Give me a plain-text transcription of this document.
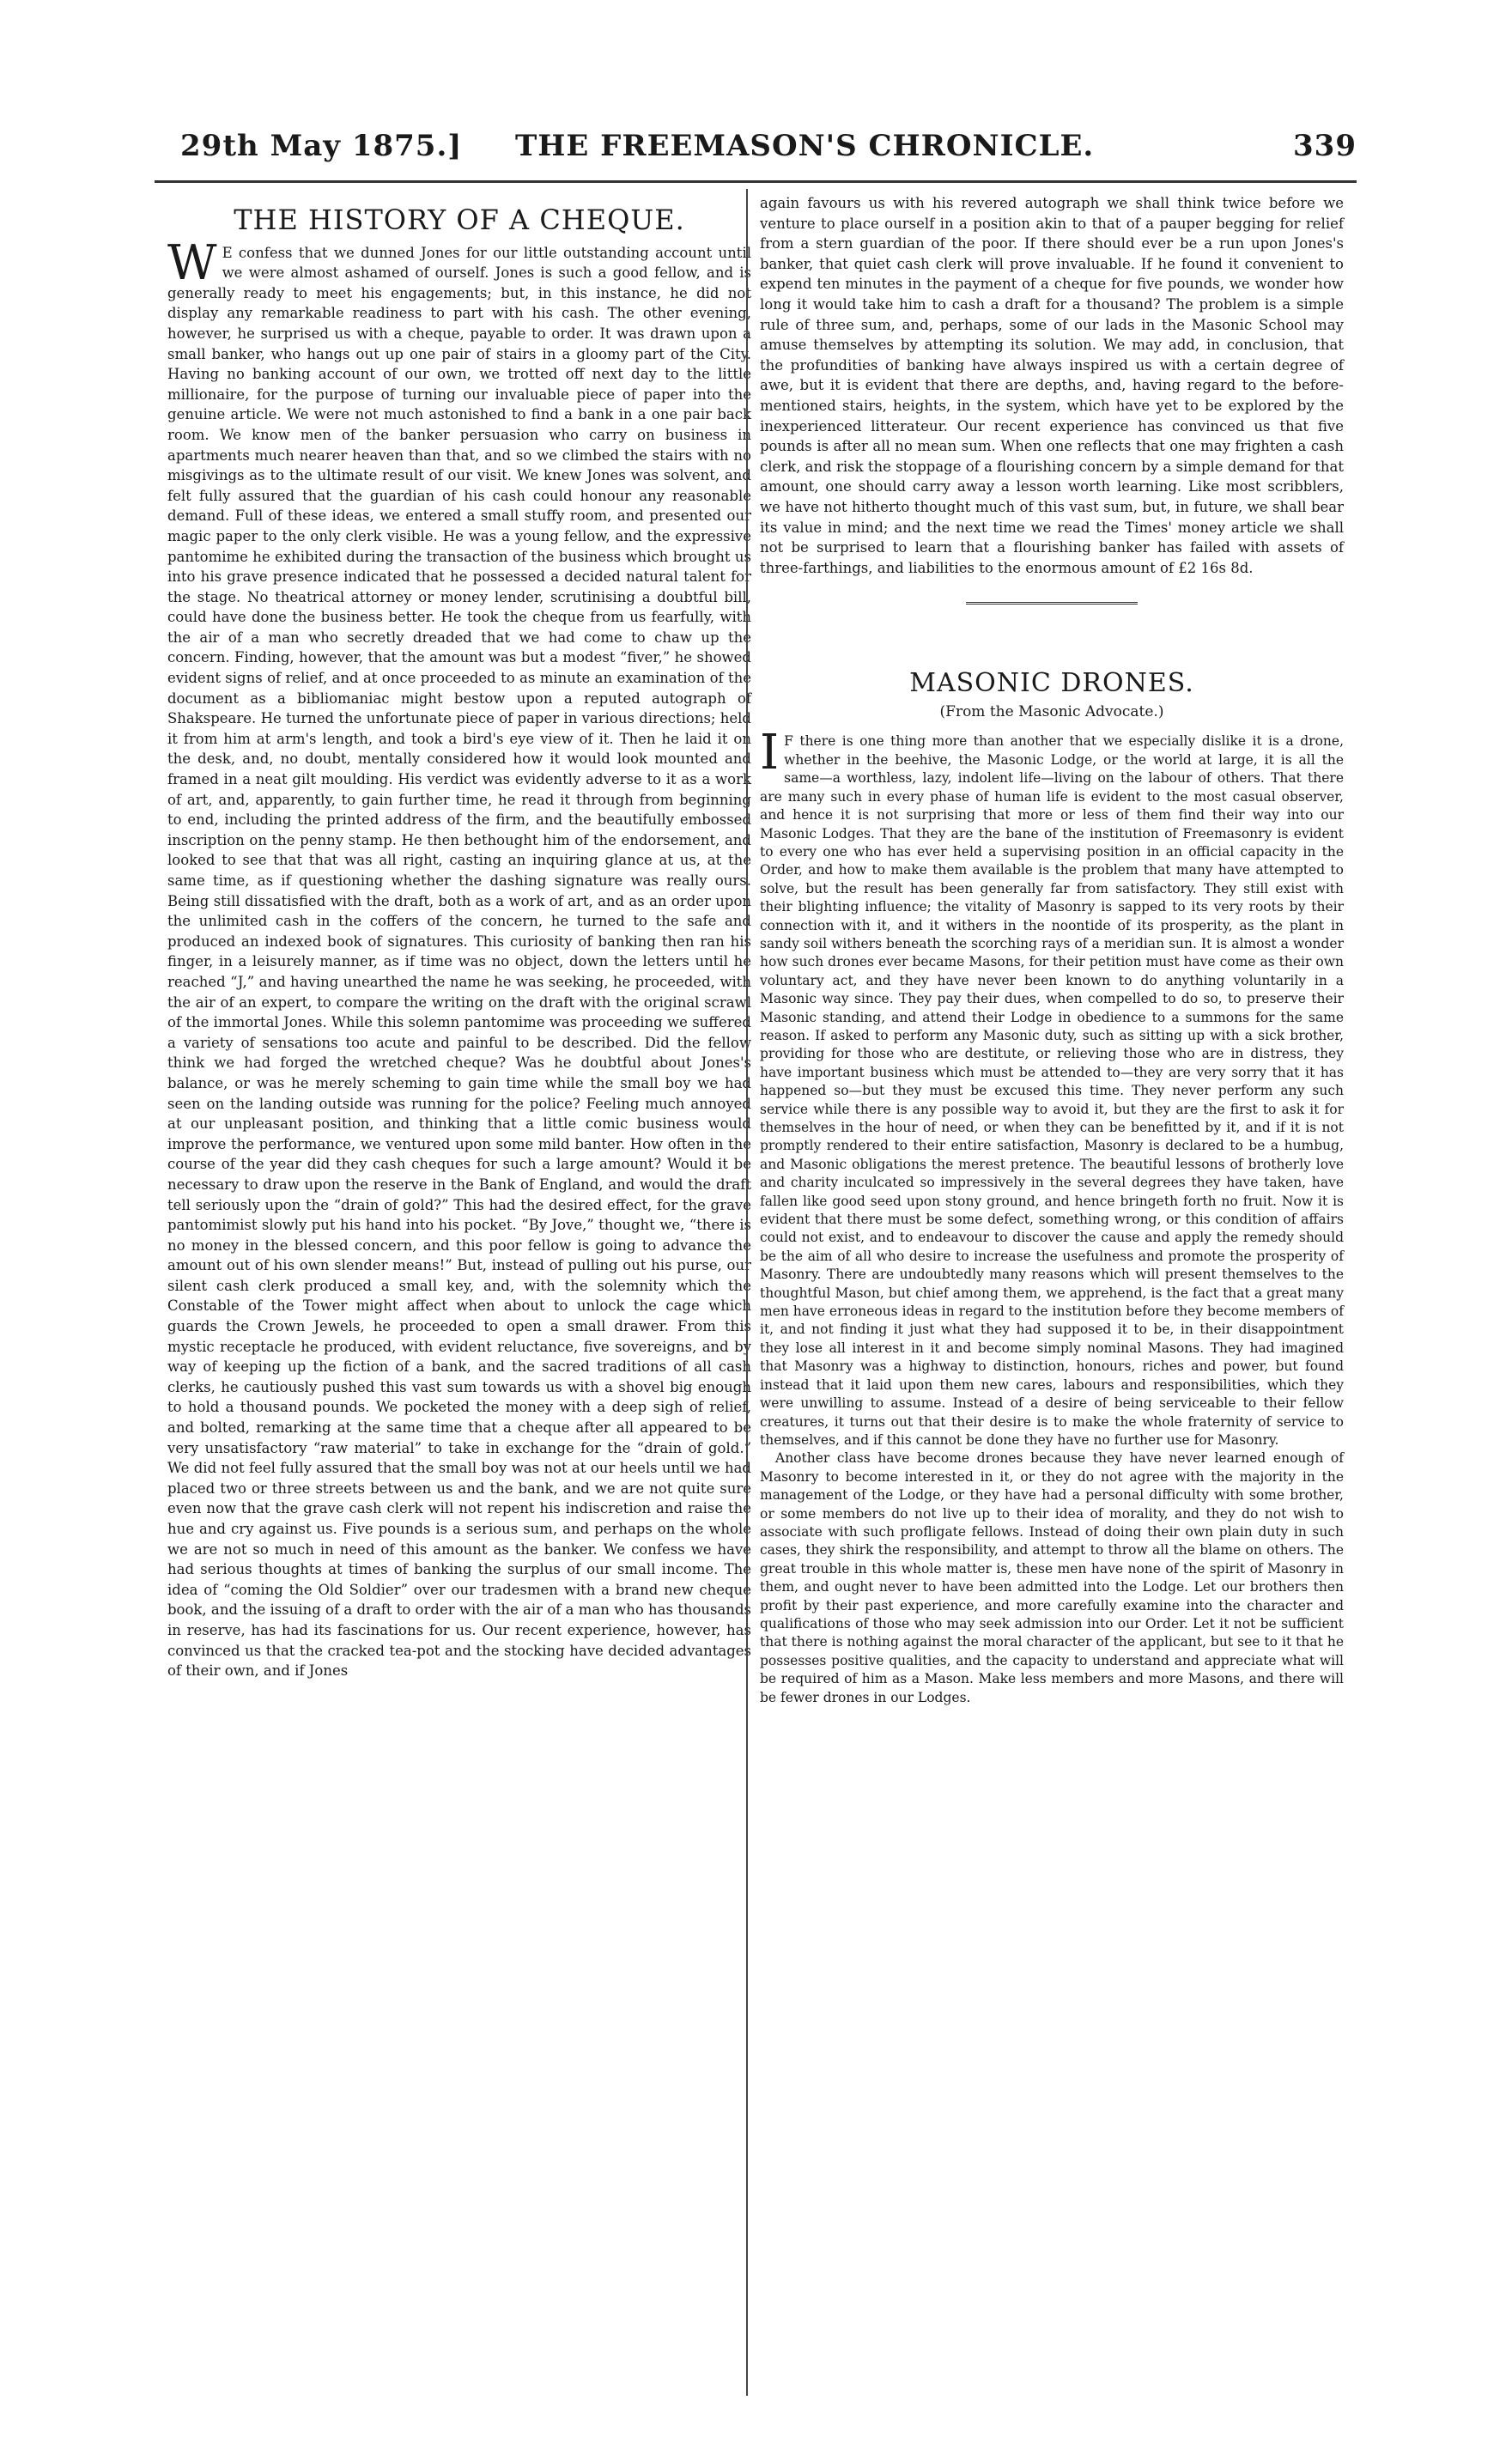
29th May 1875.] THE FREEMASON'S CHRONICLE.	339
THE HISTORY OF A CHEQUE.

W E confess that we dunned Jones for our little outstanding account until we were almost ashamed of ourself. Jones is such a good fellow, and is generally ready to meet his engagements; but, in this instance, he did not display any remarkable readiness to part with his cash. The other evening, however, he surprised us with a cheque, payable to order. It was drawn upon a small banker, who hangs out up one pair of stairs in a gloomy part of the City. Having no banking account of our own, we trotted off next day to the little millionaire, for the purpose of turning our invaluable piece of paper into the genuine article. We were not much astonished to find a bank in a one pair back room. We know men of the banker persuasion who carry on business in apartments much nearer heaven than that, and so we climbed the stairs with no misgivings as to the ultimate result of our visit. We knew Jones was solvent, and felt fully assured that the guardian of his cash could honour any reasonable demand. Full of these ideas, we entered a small stuffy room, and presented our magic paper to the only clerk visible. He was a young fellow, and the expressive pantomime he exhibited during the transaction of the business which brought us into his grave presence indicated that he possessed a decided natural talent for the stage. No theatrical attorney or money lender, scrutinising a doubtful bill, could have done the business better. He took the cheque from us fearfully, with the air of a man who secretly dreaded that we had come to chaw up the concern. Finding, however, that the amount was but a modest “fiver,” he showed evident signs of relief, and at once proceeded to as minute an examination of the document as a bibliomaniac might bestow upon a reputed autograph of Shakspeare. He turned the unfortunate piece of paper in various directions; held it from him at arm's length, and took a bird's eye view of it. Then he laid it on the desk, and, no doubt, mentally considered how it would look mounted and framed in a neat gilt moulding. His verdict was evidently adverse to it as a work of art, and, apparently, to gain further time, he read it through from beginning to end, including the printed address of the firm, and the beautifully embossed inscription on the penny stamp. He then bethought him of the endorsement, and looked to see that that was all right, casting an inquiring glance at us, at the same time, as if questioning whether the dashing signature was really ours. Being still dissatisfied with the draft, both as a work of art, and as an order upon the unlimited cash in the coffers of the concern, he turned to the safe and produced an indexed book of signatures. This curiosity of banking then ran his finger, in a leisurely manner, as if time was no object, down the letters until he reached “J,” and having unearthed the name he was seeking, he proceeded, with the air of an expert, to compare the writing on the draft with the original scrawl of the immortal Jones. While this solemn pantomime was proceeding we suffered a variety of sensations too acute and painful to be described. Did the fellow think we had forged the wretched cheque? Was he doubtful about Jones's balance, or was he merely scheming to gain time while the small boy we had seen on the landing outside was running for the police? Feeling much annoyed at our unpleasant position, and thinking that a little comic business would improve the performance, we ventured upon some mild banter. How often in the course of the year did they cash cheques for such a large amount? Would it be necessary to draw upon the reserve in the Bank of England, and would the draft tell seriously upon the “drain of gold?” This had the desired effect, for the grave pantomimist slowly put his hand into his pocket. “By Jove,” thought we, “there is no money in the blessed concern, and this poor fellow is going to advance the amount out of his own slender means!” But, instead of pulling out his purse, our silent cash clerk produced a small key, and, with the solemnity which the Constable of the Tower might affect when about to unlock the cage which guards the Crown Jewels, he proceeded to open a small drawer. From this mystic receptacle he produced, with evident reluctance, five sovereigns, and by way of keeping up the fiction of a bank, and the sacred traditions of all cash clerks, he cautiously pushed this vast sum towards us with a shovel big enough to hold a thousand pounds. We pocketed the money with a deep sigh of relief, and bolted, remarking at the same time that a cheque after all appeared to be very unsatisfactory “raw material” to take in exchange for the “drain of gold.” We did not feel fully assured that the small boy was not at our heels until we had placed two or three streets between us and the bank, and we are not quite sure even now that the grave cash clerk will not repent his indiscretion and raise the hue and cry against us. Five pounds is a serious sum, and perhaps on the whole we are not so much in need of this amount as the banker. We confess we have had serious thoughts at times of banking the surplus of our small income. The idea of “coming the Old Soldier” over our tradesmen with a brand new cheque book, and the issuing of a draft to order with the air of a man who has thousands in reserve, has had its fascinations for us. Our recent experience, however, has convinced us that the cracked tea-pot and the stocking have decided advantages of their own, and if Jones

again favours us with his revered autograph we shall think twice before we venture to place ourself in a position akin to that of a pauper begging for relief from a stern guardian of the poor. If there should ever be a run upon Jones's banker, that quiet cash clerk will prove invaluable. If he found it convenient to expend ten minutes in the payment of a cheque for five pounds, we wonder how long it would take him to cash a draft for a thousand? The problem is a simple rule of three sum, and, perhaps, some of our lads in the Masonic School may amuse themselves by attempting its solution. We may add, in conclusion, that the profundities of banking have always inspired us with a certain degree of awe, but it is evident that there are depths, and, having regard to the before-mentioned stairs, heights, in the system, which have yet to be explored by the inexperienced litterateur. Our recent experience has convinced us that five pounds is after all no mean sum. When one reflects that one may frighten a cash clerk, and risk the stoppage of a flourishing concern by a simple demand for that amount, one should carry away a lesson worth learning. Like most scribblers, we have not hitherto thought much of this vast sum, but, in future, we shall bear its value in mind; and the next time we read the Times' money article we shall not be surprised to learn that a flourishing banker has failed with assets of three-farthings, and liabilities to the enormous amount of £2 16s 8d.

MASONIC DRONES.
(From the Masonic Advocate.)

I F there is one thing more than another that we especially dislike it is a drone, whether in the beehive, the Masonic Lodge, or the world at large, it is all the same—a worthless, lazy, indolent life—living on the labour of others. That there are many such in every phase of human life is evident to the most casual observer, and hence it is not surprising that more or less of them find their way into our Masonic Lodges. That they are the bane of the institution of Freemasonry is evident to every one who has ever held a supervising position in an official capacity in the Order, and how to make them available is the problem that many have attempted to solve, but the result has been generally far from satisfactory. They still exist with their blighting influence; the vitality of Masonry is sapped to its very roots by their connection with it, and it withers in the noontide of its prosperity, as the plant in sandy soil withers beneath the scorching rays of a meridian sun. It is almost a wonder how such drones ever became Masons, for their petition must have come as their own voluntary act, and they have never been known to do anything voluntarily in a Masonic way since. They pay their dues, when compelled to do so, to preserve their Masonic standing, and attend their Lodge in obedience to a summons for the same reason. If asked to perform any Masonic duty, such as sitting up with a sick brother, providing for those who are destitute, or relieving those who are in distress, they have important business which must be attended to—they are very sorry that it has happened so—but they must be excused this time. They never perform any such service while there is any possible way to avoid it, but they are the first to ask it for themselves in the hour of need, or when they can be benefitted by it, and if it is not promptly rendered to their entire satisfaction, Masonry is declared to be a humbug, and Masonic obligations the merest pretence. The beautiful lessons of brotherly love and charity inculcated so impressively in the several degrees they have taken, have fallen like good seed upon stony ground, and hence bringeth forth no fruit. Now it is evident that there must be some defect, something wrong, or this condition of affairs could not exist, and to endeavour to discover the cause and apply the remedy should be the aim of all who desire to increase the usefulness and promote the prosperity of Masonry. There are undoubtedly many reasons which will present themselves to the thoughtful Mason, but chief among them, we apprehend, is the fact that a great many men have erroneous ideas in regard to the institution before they become members of it, and not finding it just what they had supposed it to be, in their disappointment they lose all interest in it and become simply nominal Masons. They had imagined that Masonry was a highway to distinction, honours, riches and power, but found instead that it laid upon them new cares, labours and responsibilities, which they were unwilling to assume. Instead of a desire of being serviceable to their fellow creatures, it turns out that their desire is to make the whole fraternity of service to themselves, and if this cannot be done they have no further use for Masonry.

Another class have become drones because they have never learned enough of Masonry to become interested in it, or they do not agree with the majority in the management of the Lodge, or they have had a personal difficulty with some brother, or some members do not live up to their idea of morality, and they do not wish to associate with such profligate fellows. Instead of doing their own plain duty in such cases, they shirk the responsibility, and attempt to throw all the blame on others. The great trouble in this whole matter is, these men have none of the spirit of Masonry in them, and ought never to have been admitted into the Lodge. Let our brothers then profit by their past experience, and more carefully examine into the character and qualifications of those who may seek admission into our Order. Let it not be sufficient that there is nothing against the moral character of the applicant, but see to it that he possesses positive qualities, and the capacity to understand and appreciate what will be required of him as a Mason. Make less members and more Masons, and there will be fewer drones in our Lodges.
